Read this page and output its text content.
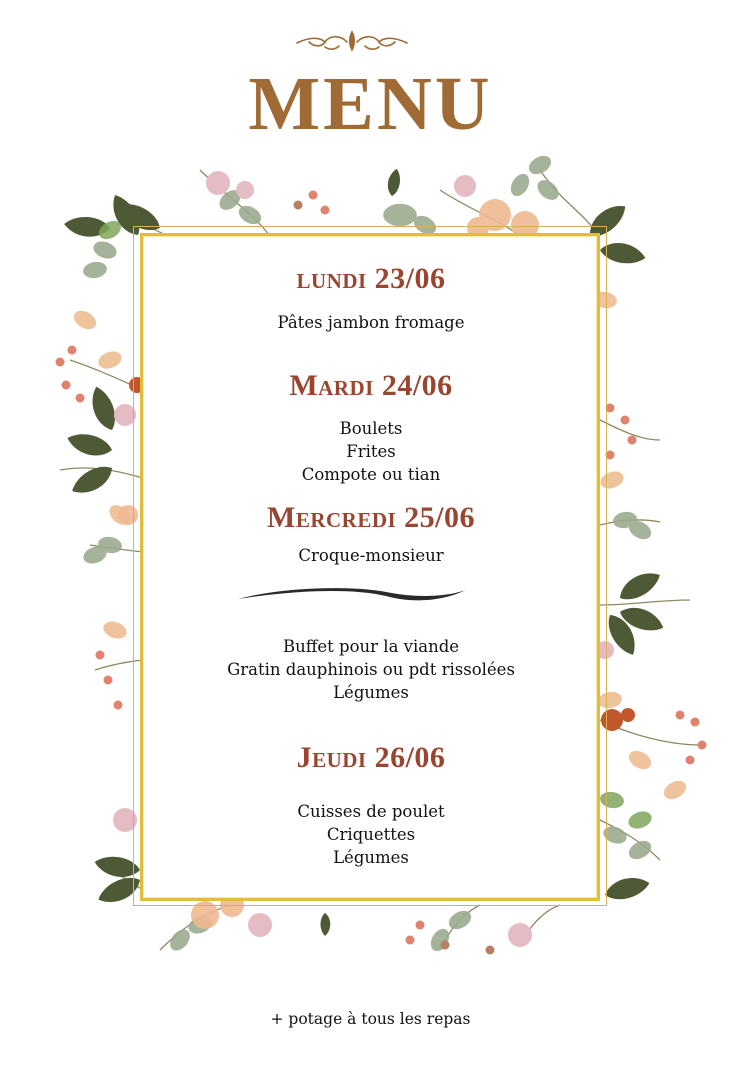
MENU
lundi 23/06
Pâtes jambon fromage
Mardi 24/06
Boulets
Frites
Compote ou tian
Mercredi 25/06
Croque-monsieur
Buffet pour la viande
Gratin dauphinois ou pdt rissolées
Légumes
Jeudi 26/06
Cuisses de poulet
Criquettes
Légumes
+ potage à tous les repas
